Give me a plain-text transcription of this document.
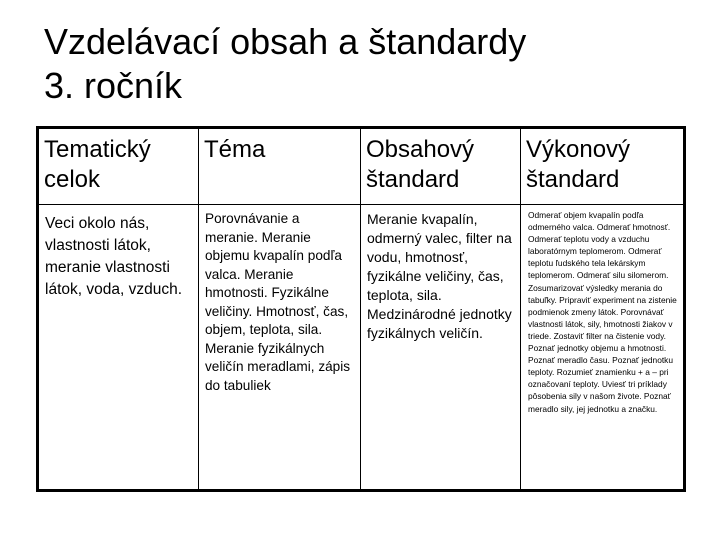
Vzdelávací obsah a štandardy
3. ročník
Tematický celok	Téma	Obsahový štandard	Výkonový štandard

Veci okolo nás, vlastnosti látok, meranie vlastnosti látok, voda, vzduch.	Porovnávanie a meranie. Meranie objemu kvapalín podľa valca. Meranie hmotnosti. Fyzikálne veličiny. Hmotnosť, čas, objem, teplota, sila. Meranie fyzikálnych veličín meradlami, zápis do tabuliek	Meranie kvapalín, odmerný valec, filter na vodu, hmotnosť, fyzikálne veličiny, čas, teplota, sila. Medzinárodné jednotky fyzikálnych veličín.	Odmerať objem kvapalín podľa odmerného valca. Odmerať hmotnosť. Odmerať teplotu vody a vzduchu laboratórnym teplomerom. Odmerať teplotu ľudského tela lekárskym teplomerom. Odmerať silu silomerom. Zosumarizovať výsledky merania do tabuľky. Pripraviť experiment na zistenie podmienok zmeny látok. Porovnávať vlastnosti látok, sily, hmotnosti žiakov v triede. Zostaviť filter na čistenie vody. Poznať jednotky objemu a hmotnosti. Poznať meradlo času. Poznať jednotku teploty. Rozumieť znamienku + a – pri označovaní teploty. Uviesť tri príklady pôsobenia sily v našom živote. Poznať meradlo sily, jej jednotku a značku.
